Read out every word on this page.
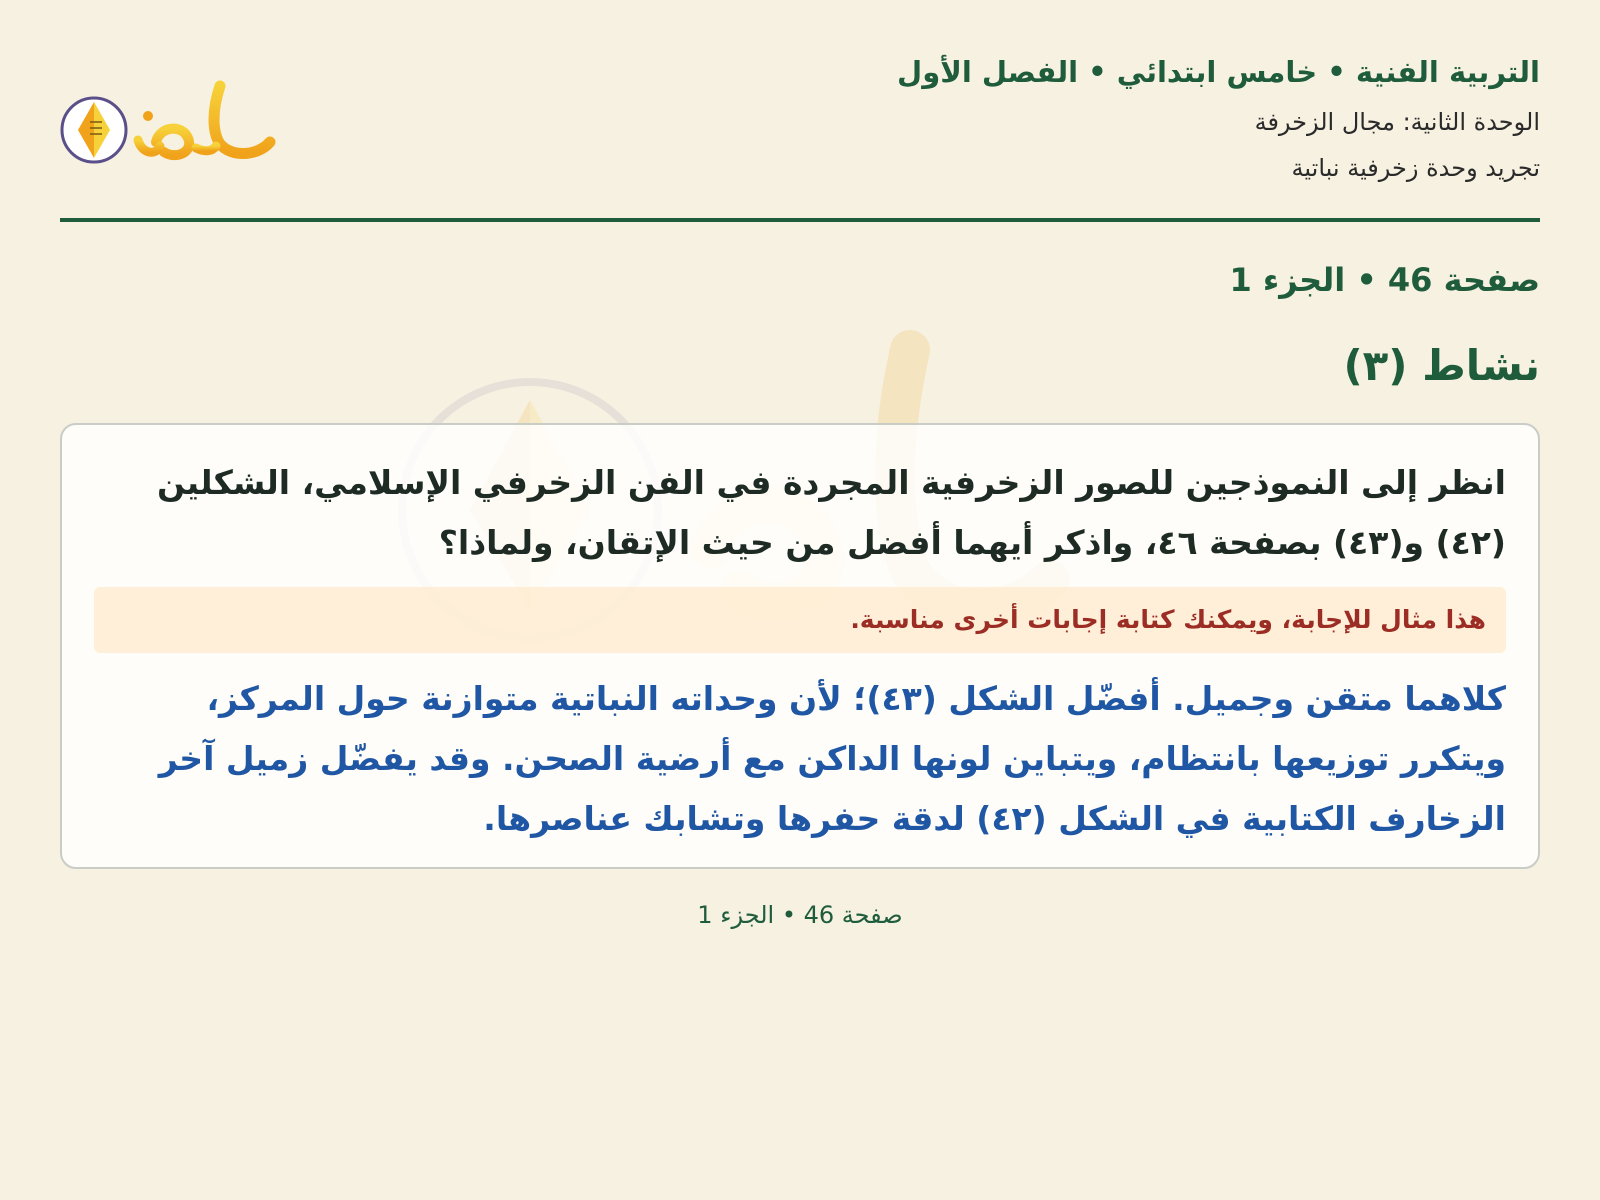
التربية الفنية • خامس ابتدائي • الفصل الأول
الوحدة الثانية: مجال الزخرفة
تجريد وحدة زخرفية نباتية
صفحة 46 • الجزء 1
نشاط (٣)

انظر إلى النموذجين للصور الزخرفية المجردة في الفن الزخرفي الإسلامي، الشكلين (٤٢) و(٤٣) بصفحة ٤٦، واذكر أيهما أفضل من حيث الإتقان، ولماذا؟

هذا مثال للإجابة، ويمكنك كتابة إجابات أخرى مناسبة.

كلاهما متقن وجميل. أفضّل الشكل (٤٣)؛ لأن وحداته النباتية متوازنة حول المركز، ويتكرر توزيعها بانتظام، ويتباين لونها الداكن مع أرضية الصحن. وقد يفضّل زميل آخر الزخارف الكتابية في الشكل (٤٢) لدقة حفرها وتشابك عناصرها.

صفحة 46 • الجزء 1
